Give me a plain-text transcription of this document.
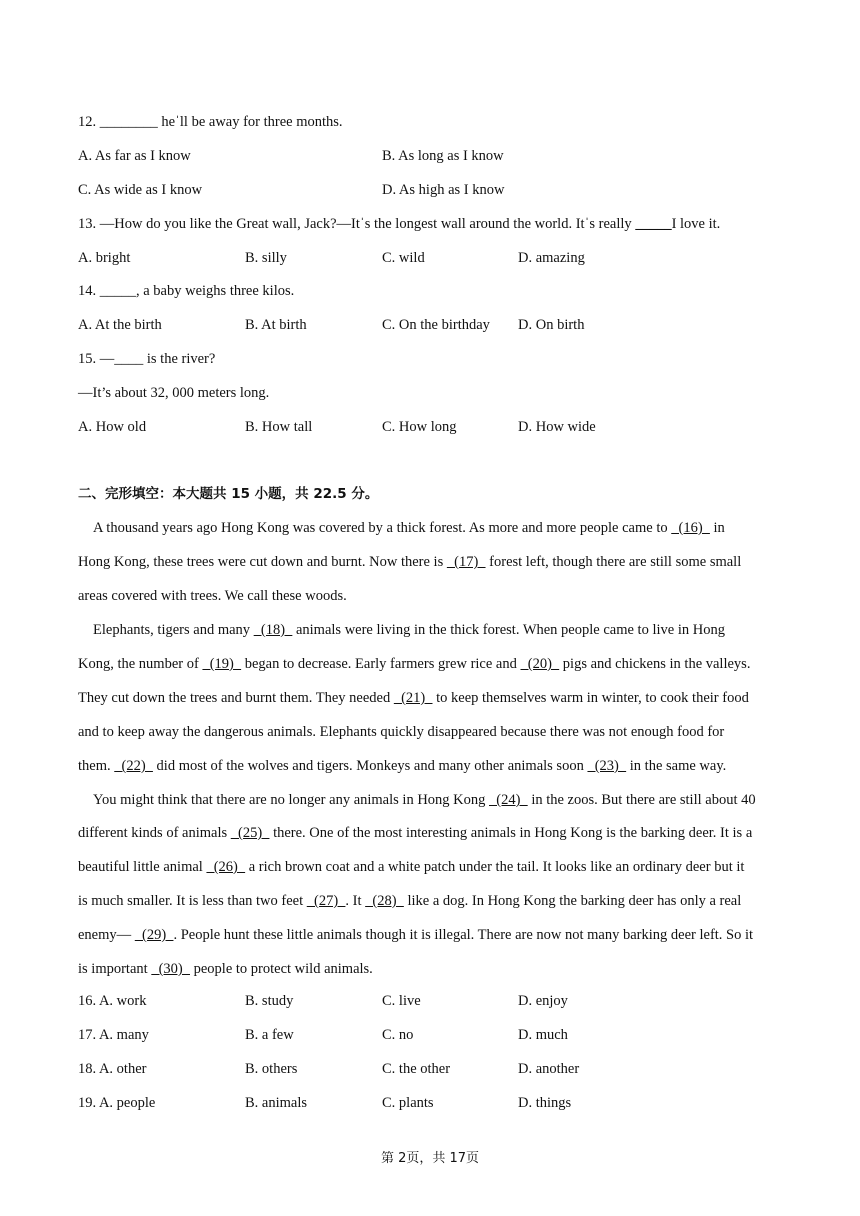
12. ________ heˈll be away for three months.
A. As far as I know	B. As long as I know
C. As wide as I know	D. As high as I know
13. —How do you like the Great wall, Jack?—Itˈs the longest wall around the world. Itˈs really _____I love it.
A. bright	B. silly	C. wild	D. amazing
14. _____, a baby weighs three kilos.
A. At the birth	B. At birth	C. On the birthday D. On birth
15. —____ is the river?
—It’s about 32, 000 meters long.
A. How old	B. How tall	C. How long	D. How wide
二、完形填空：本大题共 15 小题，共 22.5 分。
A thousand years ago Hong Kong was covered by a thick forest. As more and more people came to   (16)   in
Hong Kong, these trees were cut down and burnt. Now there is   (17)   forest left, though there are still some small
areas covered with trees. We call these woods.
Elephants, tigers and many   (18)   animals were living in the thick forest. When people came to live in Hong
Kong, the number of   (19)   began to decrease. Early farmers grew rice and   (20)   pigs and chickens in the valleys.
They cut down the trees and burnt them. They needed   (21)   to keep themselves warm in winter, to cook their food
and to keep away the dangerous animals. Elephants quickly disappeared because there was not enough food for
them.   (22)   did most of the wolves and tigers. Monkeys and many other animals soon   (23)   in the same way.
You might think that there are no longer any animals in Hong Kong   (24)   in the zoos. But there are still about 40
different kinds of animals   (25)   there. One of the most interesting animals in Hong Kong is the barking deer. It is a
beautiful little animal   (26)   a rich brown coat and a white patch under the tail. It looks like an ordinary deer but it
is much smaller. It is less than two feet   (27)  . It   (28)   like a dog. In Hong Kong the barking deer has only a real
enemy—   (29)  . People hunt these little animals though it is illegal. There are now not many barking deer left. So it
is important   (30)   people to protect wild animals.
16. A. work	B. study	C. live	D. enjoy
17. A. many	B. a few	C. no	D. much
18. A. other	B. others	C. the other	D. another
19. A. people	B. animals	C. plants	D. things
第 2页，共 17页
